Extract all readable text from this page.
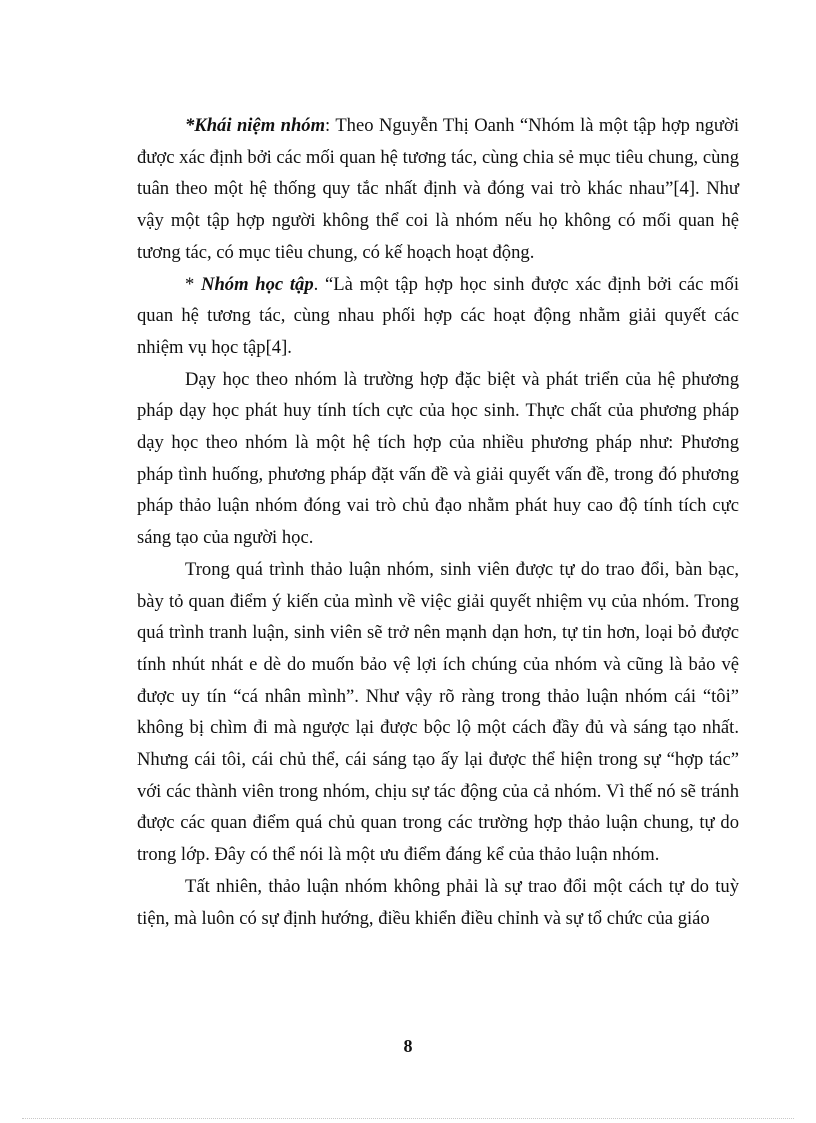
*Khái niệm nhóm: Theo Nguyễn Thị Oanh “Nhóm là một tập hợp người được xác định bởi các mối quan hệ tương tác, cùng chia sẻ mục tiêu chung, cùng tuân theo một hệ thống quy tắc nhất định và đóng vai trò khác nhau”[4]. Như vậy một tập hợp người không thể coi là nhóm nếu họ không có mối quan hệ tương tác, có mục tiêu chung, có kế hoạch hoạt động.

* Nhóm học tập. “Là một tập hợp học sinh được xác định bởi các mối quan hệ tương tác, cùng nhau phối hợp các hoạt động nhằm giải quyết các nhiệm vụ học tập[4].

Dạy học theo nhóm là trường hợp đặc biệt và phát triển của hệ phương pháp dạy học phát huy tính tích cực của học sinh. Thực chất của phương pháp dạy học theo nhóm là một hệ tích hợp của nhiều phương pháp như: Phương pháp tình huống, phương pháp đặt vấn đề và giải quyết vấn đề, trong đó phương pháp thảo luận nhóm đóng vai trò chủ đạo nhằm phát huy cao độ tính tích cực sáng tạo của người học.

Trong quá trình thảo luận nhóm, sinh viên được tự do trao đổi, bàn bạc, bày tỏ quan điểm ý kiến của mình về việc giải quyết nhiệm vụ của nhóm. Trong quá trình tranh luận, sinh viên sẽ trở nên mạnh dạn hơn, tự tin hơn, loại bỏ được tính nhút nhát e dè do muốn bảo vệ lợi ích chúng của nhóm và cũng là bảo vệ được uy tín “cá nhân mình”. Như vậy rõ ràng trong thảo luận nhóm cái “tôi” không bị chìm đi mà ngược lại được bộc lộ một cách đầy đủ và sáng tạo nhất. Nhưng cái tôi, cái chủ thể, cái sáng tạo ấy lại được thể hiện trong sự “hợp tác” với các thành viên trong nhóm, chịu sự tác động của cả nhóm. Vì thế nó sẽ tránh được các quan điểm quá chủ quan trong các trường hợp thảo luận chung, tự do trong lớp. Đây có thể nói là một ưu điểm đáng kể của thảo luận nhóm.

Tất nhiên, thảo luận nhóm không phải là sự trao đổi một cách tự do tuỳ tiện, mà luôn có sự định hướng, điều khiển điều chỉnh và sự tổ chức của giáo

8
